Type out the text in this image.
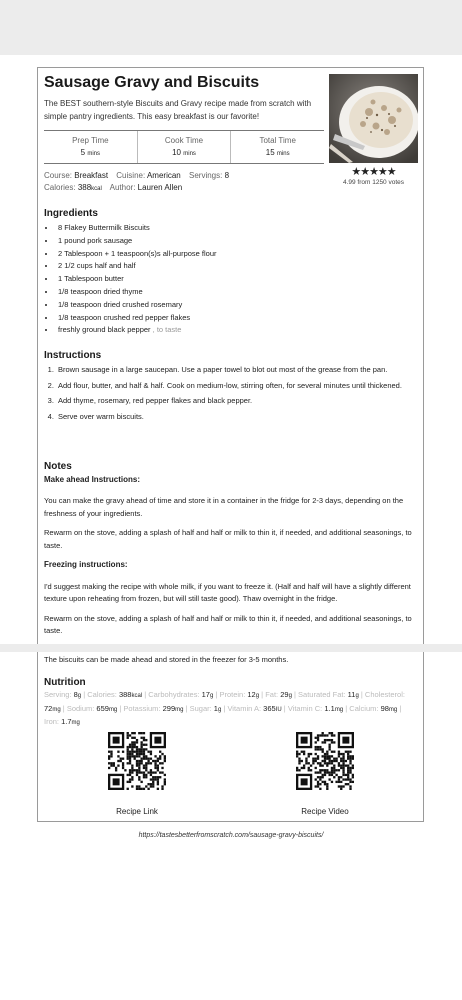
Sausage Gravy and Biscuits
The BEST southern-style Biscuits and Gravy recipe made from scratch with simple pantry ingredients. This easy breakfast is our favorite!
★★★★★
4.99 from 1250 votes
Prep Time
5 mins
Cook Time
10 mins
Total Time
15 mins
Course: Breakfast Cuisine: American Servings: 8
Calories: 388kcal Author: Lauren Allen
Ingredients
• 8 Flakey Buttermilk Biscuits
• 1 pound pork sausage
• 2 Tablespoon + 1 teaspoon(s)s all-purpose flour
• 2 1/2 cups half and half
• 1 Tablespoon butter
• 1/8 teaspoon dried thyme
• 1/8 teaspoon dried crushed rosemary
• 1/8 teaspoon crushed red pepper flakes
• freshly ground black pepper , to taste
Instructions
1. Brown sausage in a large saucepan. Use a paper towel to blot out most of the grease from the pan.
2. Add flour, butter, and half & half. Cook on medium-low, stirring often, for several minutes until thickened.
3. Add thyme, rosemary, red pepper flakes and black pepper.
4. Serve over warm biscuits.
Notes
Make ahead Instructions:

You can make the gravy ahead of time and store it in a container in the fridge for 2-3 days, depending on the freshness of your ingredients.

Rewarm on the stove, adding a splash of half and half or milk to thin it, if needed, and additional seasonings, to taste.

Freezing instructions:

I'd suggest making the recipe with whole milk, if you want to freeze it. (Half and half will have a slightly different texture upon reheating from frozen, but will still taste good). Thaw overnight in the fridge.

Rewarm on the stove, adding a splash of half and half or milk to thin it, if needed, and additional seasonings, to taste.

The biscuits can be made ahead and stored in the freezer for 3-5 months.
Nutrition
Serving: 8g | Calories: 388kcal | Carbohydrates: 17g | Protein: 12g | Fat: 29g | Saturated Fat: 11g | Cholesterol: 72mg | Sodium: 659mg | Potassium: 299mg | Sugar: 1g | Vitamin A: 365IU | Vitamin C: 1.1mg | Calcium: 98mg | Iron: 1.7mg
Recipe Link	Recipe Video
https://tastesbetterfromscratch.com/sausage-gravy-biscuits/
